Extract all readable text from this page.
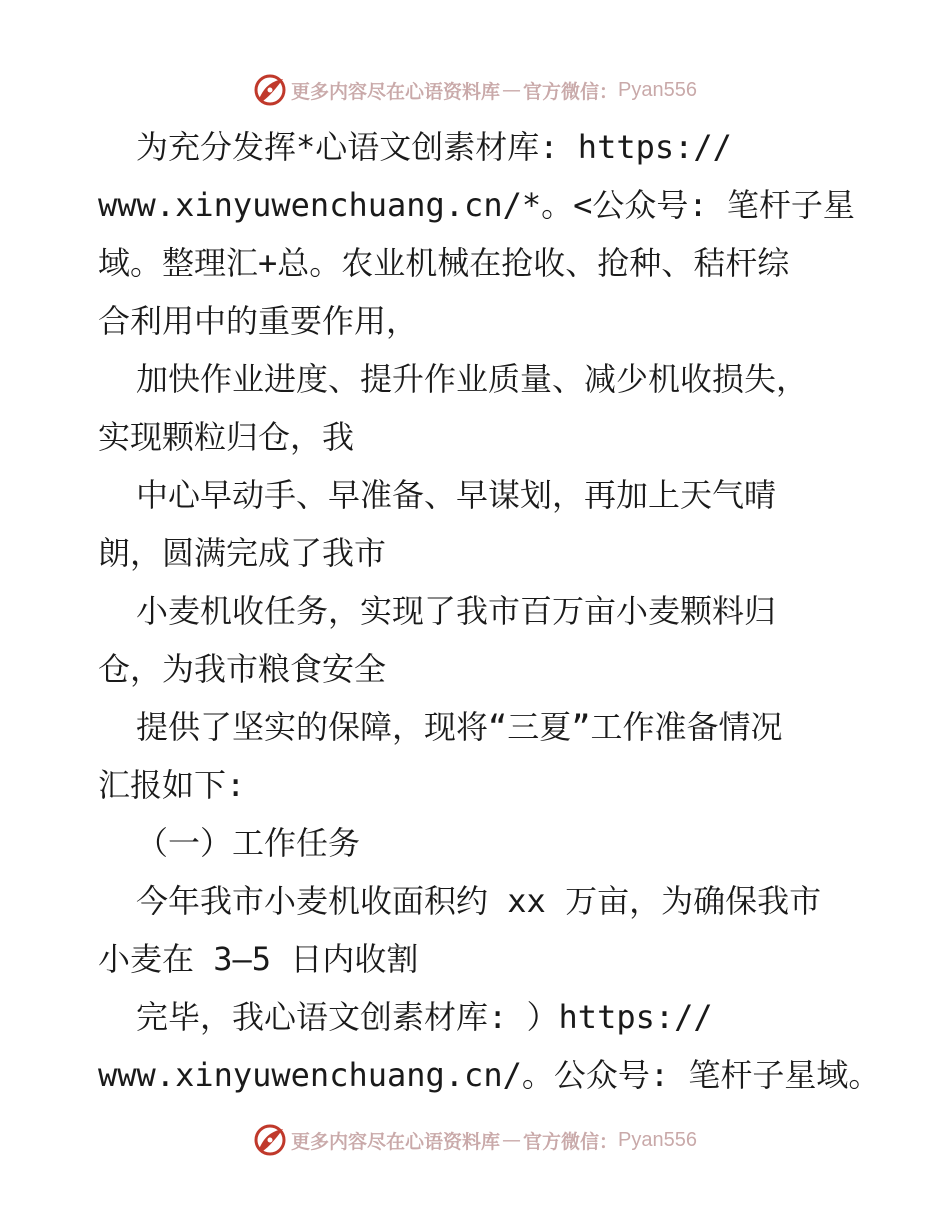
更多内容尽在心语资料库 — 官方微信： Pyan556
为充分发挥*心语文创素材库: https://
www.xinyuwenchuang.cn/*。<公众号: 笔杆子星
域。整理汇+总。农业机械在抢收、抢种、秸杆综
合利用中的重要作用，
加快作业进度、提升作业质量、减少机收损失，
实现颗粒归仓，我
中心早动手、早准备、早谋划，再加上天气晴
朗，圆满完成了我市
小麦机收任务，实现了我市百万亩小麦颗料归
仓，为我市粮食安全
提供了坚实的保障，现将“三夏”工作准备情况
汇报如下:
（一）工作任务
今年我市小麦机收面积约 xx 万亩，为确保我市
小麦在 3—5 日内收割
完毕，我心语文创素材库: ）https://
www.xinyuwenchuang.cn/。公众号: 笔杆子星域。
更多内容尽在心语资料库 — 官方微信： Pyan556
